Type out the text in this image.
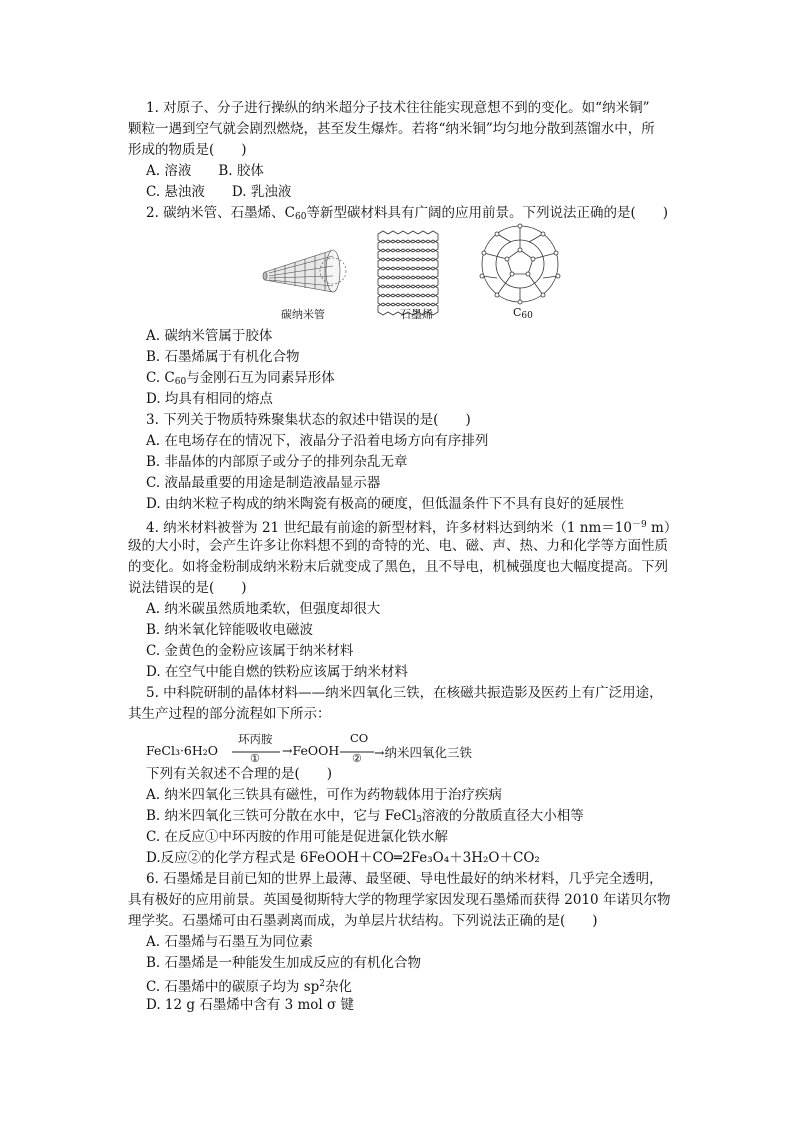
1. 对原子、分子进行操纵的纳米超分子技术往往能实现意想不到的变化。如“纳米铜”
颗粒一遇到空气就会剧烈燃烧，甚至发生爆炸。若将“纳米铜”均匀地分散到蒸馏水中，所
形成的物质是(　　)
A. 溶液　　B. 胶体
C. 悬浊液　　D. 乳浊液
2. 碳纳米管、石墨烯、$C_{60}$等新型碳材料具有广阔的应用前景。下列说法正确的是(　　)
碳纳米管	石墨烯	$C_{60}$
A. 碳纳米管属于胶体
B. 石墨烯属于有机化合物
C. $C_{60}$与金刚石互为同素异形体
D. 均具有相同的熔点
3. 下列关于物质特殊聚集状态的叙述中错误的是(　　)
A. 在电场存在的情况下，液晶分子沿着电场方向有序排列
B. 非晶体的内部原子或分子的排列杂乱无章
C. 液晶最重要的用途是制造液晶显示器
D. 由纳米粒子构成的纳米陶瓷有极高的硬度，但低温条件下不具有良好的延展性
4. 纳米材料被誉为 21 世纪最有前途的新型材料，许多材料达到纳米（1 $nm=10^{-9}$ m）
级的大小时，会产生许多让你料想不到的奇特的光、电、磁、声、热、力和化学等方面性质
的变化。如将金粉制成纳米粉末后就变成了黑色，且不导电，机械强度也大幅度提高。下列
说法错误的是(　　)
A. 纳米碳虽然质地柔软，但强度却很大
B. 纳米氧化锌能吸收电磁波
C. 金黄色的金粉应该属于纳米材料
D. 在空气中能自燃的铁粉应该属于纳米材料
5. 中科院研制的晶体材料——纳米四氧化三铁，在核磁共振造影及医药上有广泛用途，
其生产过程的部分流程如下所示：
FeCl₃·6H₂O
环丙胺
①
→FeOOH
CO
② →纳米四氧化三铁
下列有关叙述不合理的是(　　)
A. 纳米四氧化三铁具有磁性，可作为药物载体用于治疗疾病
B. 纳米四氧化三铁可分散在水中，它与 FeCl$_3$溶液的分散质直径大小相等
C. 在反应①中环丙胺的作用可能是促进氯化铁水解
D.反应②的化学方程式是 6FeOOH＋CO═2Fe₃O₄＋3H₂O＋CO₂
6. 石墨烯是目前已知的世界上最薄、最坚硬、导电性最好的纳米材料，几乎完全透明，
具有极好的应用前景。英国曼彻斯特大学的物理学家因发现石墨烯而获得 2010 年诺贝尔物
理学奖。石墨烯可由石墨剥离而成，为单层片状结构。下列说法正确的是(　　)
A. 石墨烯与石墨互为同位素
B. 石墨烯是一种能发生加成反应的有机化合物
C. 石墨烯中的碳原子均为 $sp^2$杂化
D. 12 g 石墨烯中含有 3 mol σ 键
